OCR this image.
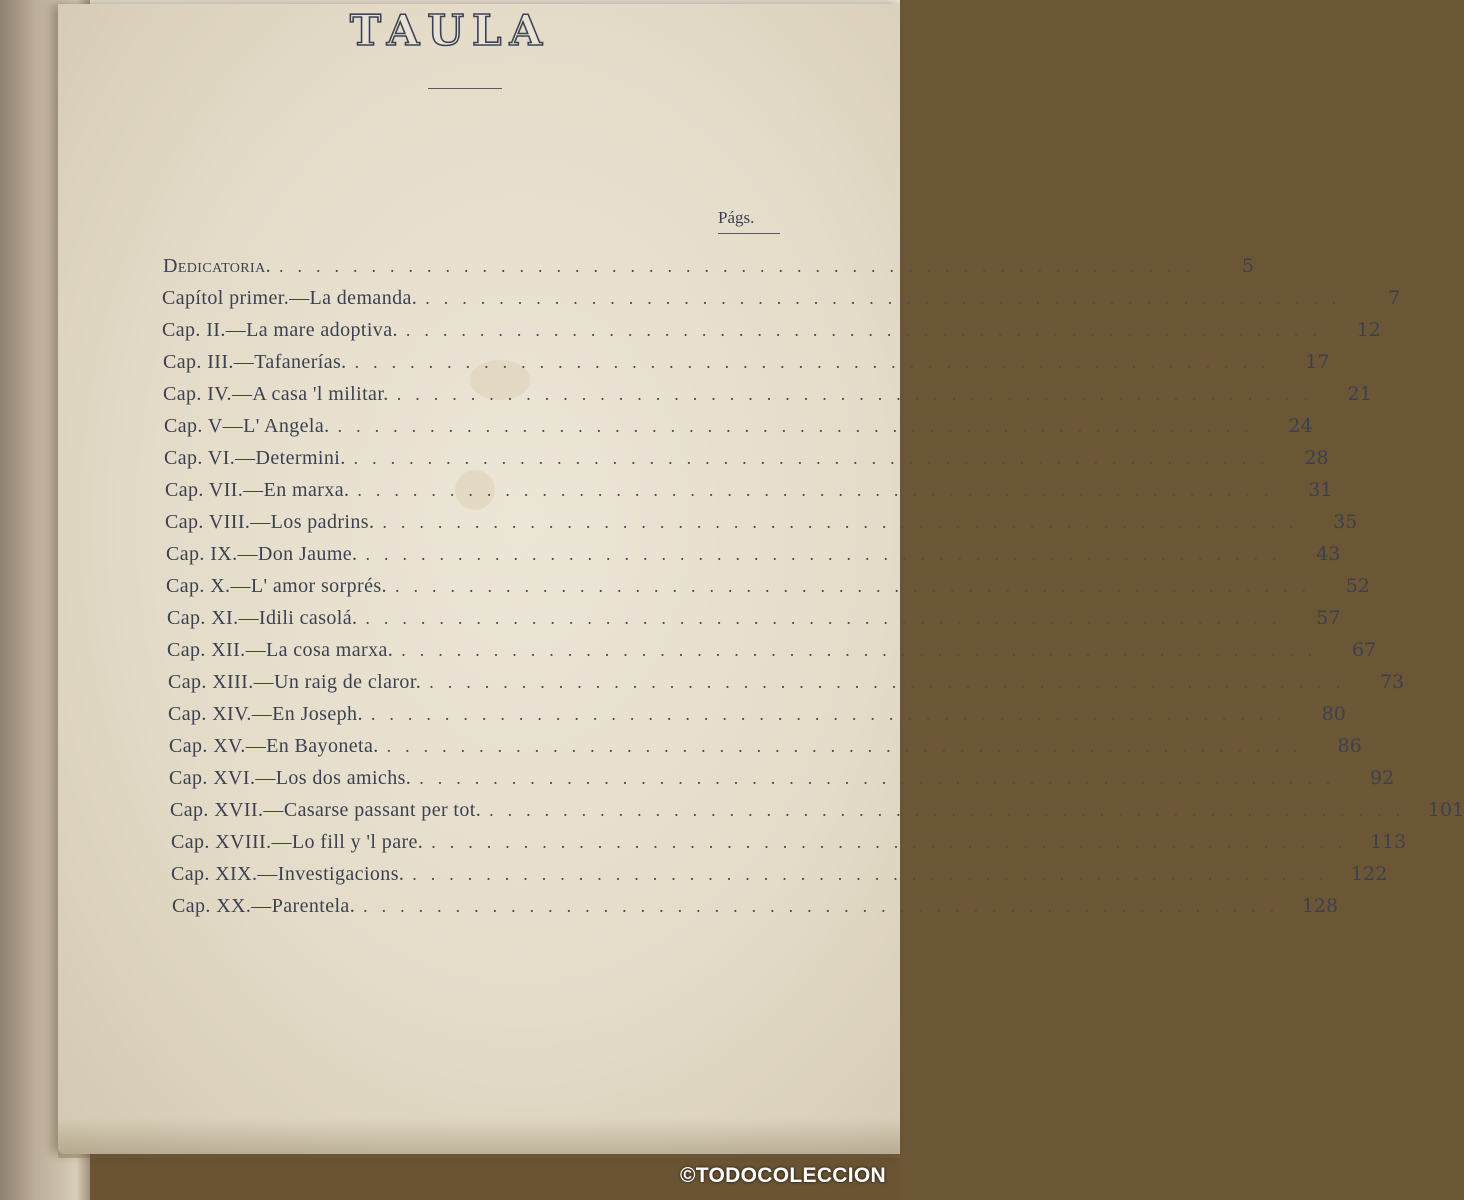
TAULA
Págs.
Dedicatoria. ..................................................	5
Capítol primer.—La demanda. ..................................................	7
Cap. II.—La mare adoptiva. ..................................................	12
Cap. III.—Tafanerías. ..................................................	17
Cap. IV.—A casa 'l militar. ..................................................	21
Cap. V—L' Angela. ..................................................	24
Cap. VI.—Determini. ..................................................	28
Cap. VII.—En marxa. ..................................................	31
Cap. VIII.—Los padrins. ..................................................	35
Cap. IX.—Don Jaume. ..................................................	43
Cap. X.—L' amor sorprés. ..................................................	52
Cap. XI.—Idili casolá. ..................................................	57
Cap. XII.—La cosa marxa. ..................................................	67
Cap. XIII.—Un raig de claror. ..................................................	73
Cap. XIV.—En Joseph. ..................................................	80
Cap. XV.—En Bayoneta. ..................................................	86
Cap. XVI.—Los dos amichs. ..................................................	92
Cap. XVII.—Casarse passant per tot. .................................................. 101
Cap. XVIII.—Lo fill y 'l pare. .................................................. 113
Cap. XIX.—Investigacions. .................................................. 122
Cap. XX.—Parentela. .................................................. 128
©TODOCOLECCION
